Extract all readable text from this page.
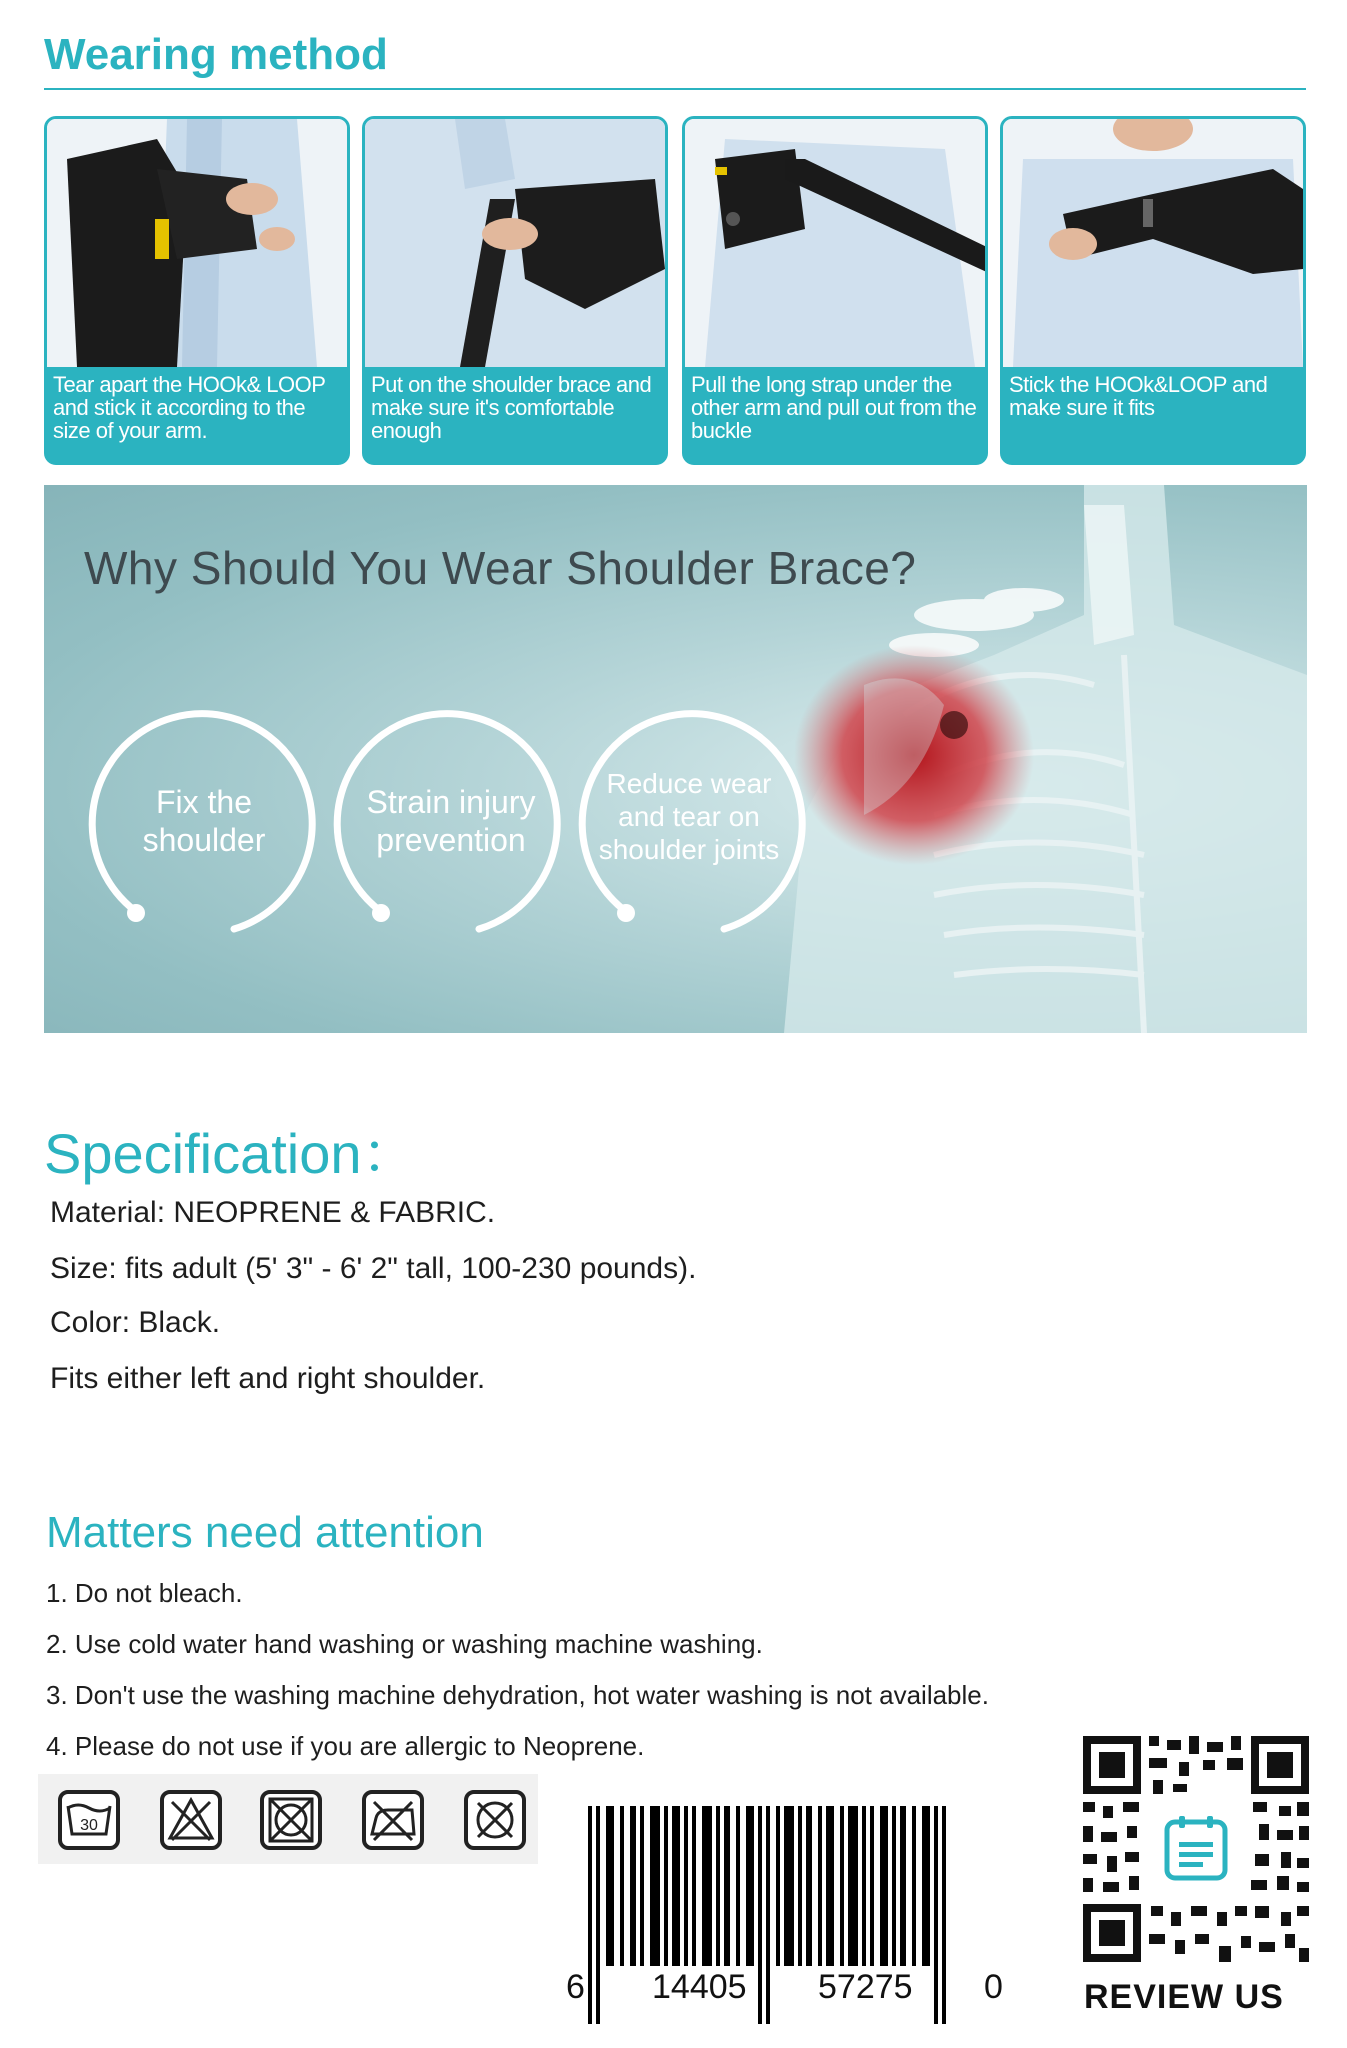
Wearing method
Tear apart the HOOk& LOOP and stick it according to the size of your arm.
Put on the shoulder brace and make sure it's comfortable enough
Pull the long strap under the other arm and pull out from the buckle
Stick the HOOk&LOOP and make sure it fits
Why Should You Wear Shoulder Brace?
Fix the shoulder
Strain injury prevention
Reduce wear and tear on shoulder joints
Specification：
Material: NEOPRENE & FABRIC.
Size: fits adult (5' 3" - 6' 2" tall, 100-230 pounds).
Color: Black.
Fits either left and right shoulder.
Matters need attention
1. Do not bleach.
2. Use cold water hand washing or washing machine washing.
3. Don't use the washing machine dehydration, hot water washing is not available.
4. Please do not use if you are allergic to Neoprene.
30
6 14405 57275 0 REVIEW US
